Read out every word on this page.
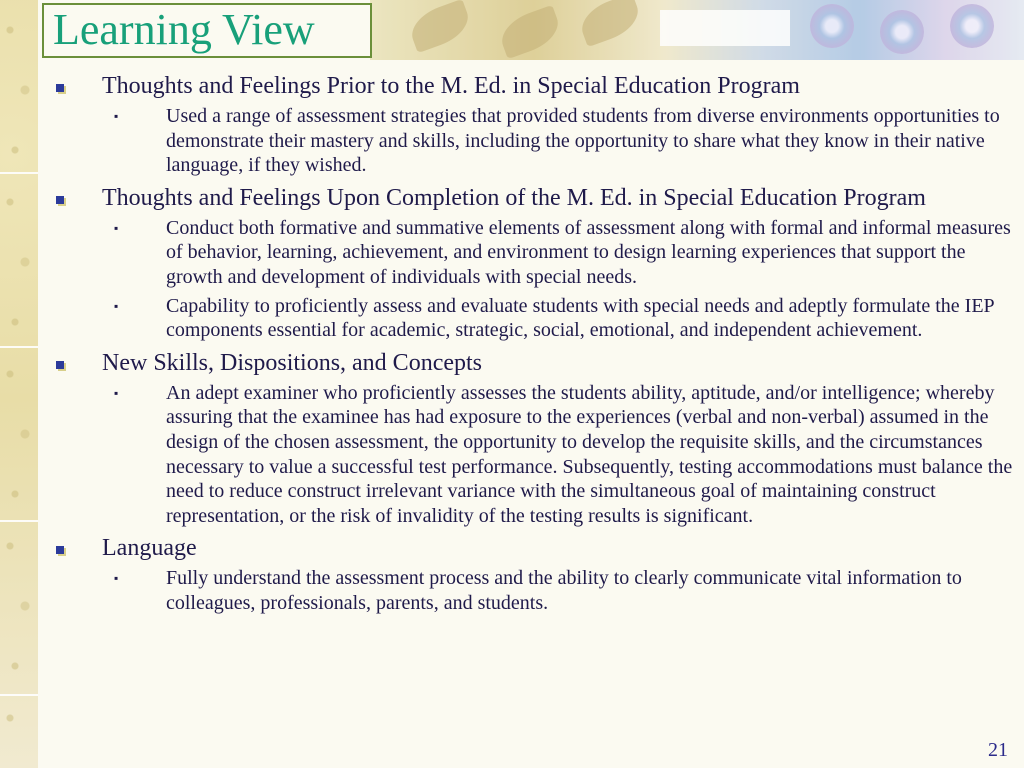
Learning View
Thoughts and Feelings Prior to the M. Ed. in Special Education Program
▪ Used a range of assessment strategies that provided students from diverse environments opportunities to demonstrate their mastery and skills, including the opportunity to share what they know in their native language, if they wished.
Thoughts and Feelings Upon Completion of the M. Ed. in Special Education Program
▪ Conduct both formative and summative elements of assessment along with formal and informal measures of behavior, learning, achievement, and environment to design learning experiences that support the growth and development of individuals with special needs.
▪ Capability to proficiently assess and evaluate students with special needs and adeptly formulate the IEP components essential for academic, strategic, social, emotional, and independent achievement.
New Skills, Dispositions, and Concepts
▪ An adept examiner who proficiently assesses the students ability, aptitude, and/or intelligence; whereby assuring that the examinee has had exposure to the experiences (verbal and non-verbal) assumed in the design of the chosen assessment, the opportunity to develop the requisite skills, and the circumstances necessary to value a successful test performance. Subsequently, testing accommodations must balance the need to reduce construct irrelevant variance with the simultaneous goal of maintaining construct representation, or the risk of invalidity of the testing results is significant.
Language
▪ Fully understand the assessment process and the ability to clearly communicate vital information to colleagues, professionals, parents, and students.
21
